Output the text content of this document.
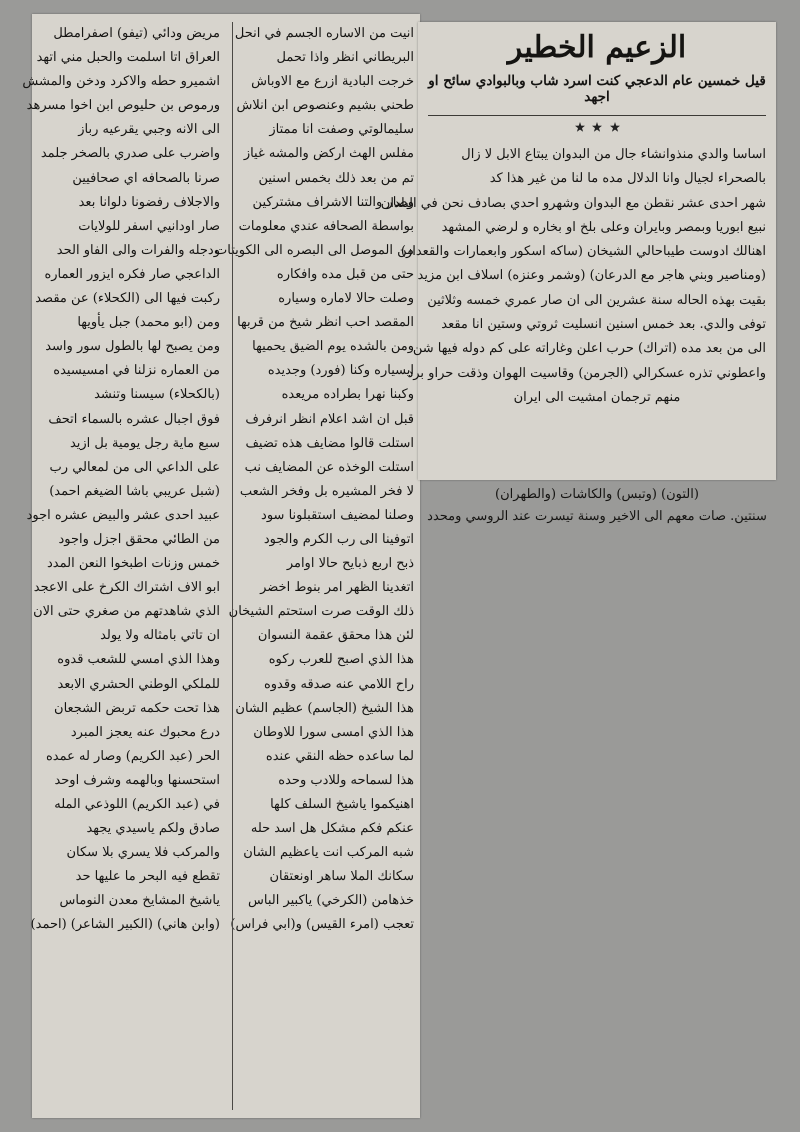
انيت من الاساره الجسم في انحل
البريطاني انظر واذا تحمل
خرجت البادية ازرع مع الاوباش
طحني بشيم وعنصوص ابن انلاش
سليمالوتي وصفت انا ممتاز
مفلس الهث ارکض والمشه غياز
تم من بعد ذلك بخمس اسنين
وصار والتنا الاشراف مشتركين
بواسطة الصحافه عندي معلومات
من الموصل الى البصره الى الكويتات
حتى من قبل مده وافكاره
وصلت حالا لاماره وسياره
المقصد احب انظر شيخ من قربها
ومن بالشده يوم الضيق يحميها
ايسياره وكنا (فورد) وجديده
وكبنا نهرا بطراده مريعده
قبل ان اشد اعلام انظر انرفرف
استلت قالوا مضايف هذه تضيف
استلت الوخذه عن المضايف نب
لا فخر المشيره بل وفخر الشعب
وصلنا لمضيف استقبلونا سود
اتوفينا الى رب الكرم والجود
ذبح اربع ذبايح حالا اوامر
اتغدينا الظهر امر بنوط اخضر
ذلك الوقت صرت استحتم الشيخان
لئن هذا محقق عقمة النسوان
هذا الذي اصبح للعرب ركوه
راح اللامي عنه صدقه وقدوه
هذا الشيخ (الجاسم) عظيم الشان
هذا الذي امسى سورا للاوطان
لما ساعده حظه النقي عنده
هذا لسماحه وللادب وحده
اهنيكموا ياشيخ السلف كلها
عنكم فكم مشكل هل اسد حله
شبه المركب انت ياعظيم الشان
سكانك الملا ساهر اونعتقان
خذهامن (الكرخي) ياكبير الباس
تعجب (امرء القيس) و(ابي فراس)
مريض ودائي (تيفو) اصفرامطل
العراق اتا اسلمت والحبل مني اتهد
اشميرو حطه والاكرد ودخن والمشش
ورموص بن حليوص ابن اخوا مسرهد
الى الانه وجبي يقرعيه رباز
واضرب على صدري بالصخر جلمد
صرنا بالصحافه اي صحافيين
والاجلاف رفضونا دلوانا بعد
صار اودانيي اسفر للولايات
ودجله والفرات والى الفاو الحد
الداعجي صار فكره ايزور العماره
ركبت فيها الى (الكحلاء) عن مقصد
ومن (ابو محمد) جبل يأويها
ومن يصبح لها بالطول سور واسد
من العماره نزلنا في امسيسيده
(بالكحلاء) سيسنا وتنشد
فوق اجبال عشره بالسماء اتحف
سبع ماية رجل يومية بل ازيد
على الداعي الى من لمعالي رب
(شبل عريبي باشا الضيغم احمد)
عبيد احدى عشر والبيض عشره اجود
من الطائي محقق اجزل واجود
خمس وزنات اطبخوا النعن المدد
ابو الاف اشتراك الكرخ على الاعجد
الذي شاهدتهم من صغري حتى الان
ان تاتي بامثاله ولا يولد
وهذا الذي امسي للشعب قدوه
للملكي الوطني الحشري الابعد
هذا تحت حكمه تربض الشجعان
درع محبوك عنه يعجز المبرد
الحر (عبد الكريم) وصار له عمده
استحسنها وبالهمه وشرف اوحد
في (عبد الكريم) اللوذعي المله
صادق ولكم ياسيدي يجهد
والمركب فلا يسري بلا سكان
تقطع فيه البحر ما عليها حد
ياشيخ المشايخ معدن النوماس
(وابن هاني) (الكبير الشاعر) (احمد)
الزعيم الخطير
قيل خمسين عام الدعجي كنت اسرد شاب وبالبوادي سائح او اجهد

اساسا والدي منذوانشاء جال من البدوان يبتاع الابل لا زال
بالصحراء لجيال وانا الدلال مده ما لنا من غير هذا كد
شهر احدى عشر نقطن مع البدوان وشهرو احدي بصادف نحن في البلدان
نبيع ابوريا وبمصر وبايران وعلى بلخ او بخاره و لرضي المشهد
اهنالك ادوست طيباحالي الشيخان (ساكه اسكور وابعمارات والقعداز)
(ومناصير وبني هاجر مع الدرعان) (وشمر وعنزه) اسلاف ابن مزيد
بقيت بهذه الحاله سنة عشرين الى ان صار عمري خمسه وثلاثين
توفى والدي. بعد خمس اسنين انسليت ثروتي وستين انا مقعد
الى من بعد مده (اتراك) حرب اعلن وغاراته على كم دوله فيها شن
واعطوني تذره عسكرالي (الجرمن) وقاسيت الهوان وذقت حراو برد
منهم ترجمان امشيت الى ايران
(التون) (وتبس) والكاشات (والطهران)
سنتين. صات معهم الى الاخير وسنة تيسرت عند الروسي ومحدد
